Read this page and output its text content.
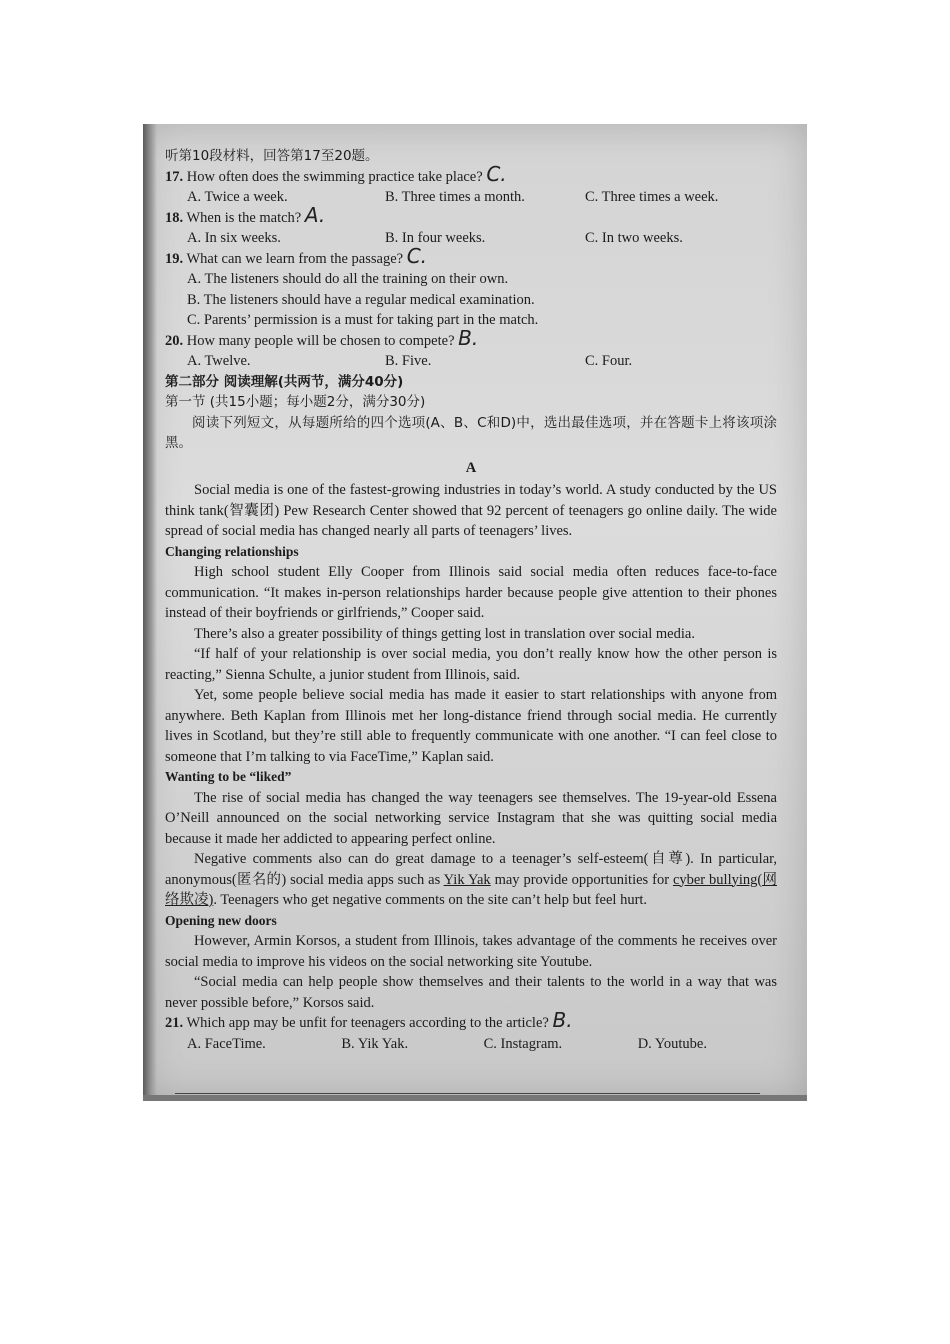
听第10段材料，回答第17至20题。
17. How often does the swimming practice take place? C.
A. Twice a week.	B. Three times a month.	C. Three times a week.
18. When is the match? A.
A. In six weeks.	B. In four weeks.	C. In two weeks.
19. What can we learn from the passage? C.
A. The listeners should do all the training on their own.
B. The listeners should have a regular medical examination.
C. Parents’ permission is a must for taking part in the match.
20. How many people will be chosen to compete? B.
A. Twelve.	B. Five.	C. Four.
第二部分 阅读理解(共两节，满分40分)
第一节 (共15小题；每小题2分，满分30分)
阅读下列短文，从每题所给的四个选项(A、B、C和D)中，选出最佳选项，并在答题卡上将该项涂黑。
A
Social media is one of the fastest-growing industries in today’s world. A study conducted by the US think tank(智囊团) Pew Research Center showed that 92 percent of teenagers go online daily. The wide spread of social media has changed nearly all parts of teenagers’ lives.
Changing relationships
High school student Elly Cooper from Illinois said social media often reduces face-to-face communication. “It makes in-person relationships harder because people give attention to their phones instead of their boyfriends or girlfriends,” Cooper said.
There’s also a greater possibility of things getting lost in translation over social media.
“If half of your relationship is over social media, you don’t really know how the other person is reacting,” Sienna Schulte, a junior student from Illinois, said.
Yet, some people believe social media has made it easier to start relationships with anyone from anywhere. Beth Kaplan from Illinois met her long-distance friend through social media. He currently lives in Scotland, but they’re still able to frequently communicate with one another. “I can feel close to someone that I’m talking to via FaceTime,” Kaplan said.
Wanting to be “liked”
The rise of social media has changed the way teenagers see themselves. The 19-year-old Essena O’Neill announced on the social networking service Instagram that she was quitting social media because it made her addicted to appearing perfect online.
Negative comments also can do great damage to a teenager’s self-esteem(自尊). In particular, anonymous(匿名的) social media apps such as Yik Yak may provide opportunities for cyber bullying(网络欺凌). Teenagers who get negative comments on the site can’t help but feel hurt.
Opening new doors
However, Armin Korsos, a student from Illinois, takes advantage of the comments he receives over social media to improve his videos on the social networking site Youtube.
“Social media can help people show themselves and their talents to the world in a way that was never possible before,” Korsos said.
21. Which app may be unfit for teenagers according to the article? B.
A. FaceTime.	B. Yik Yak.	C. Instagram.	D. Youtube.
